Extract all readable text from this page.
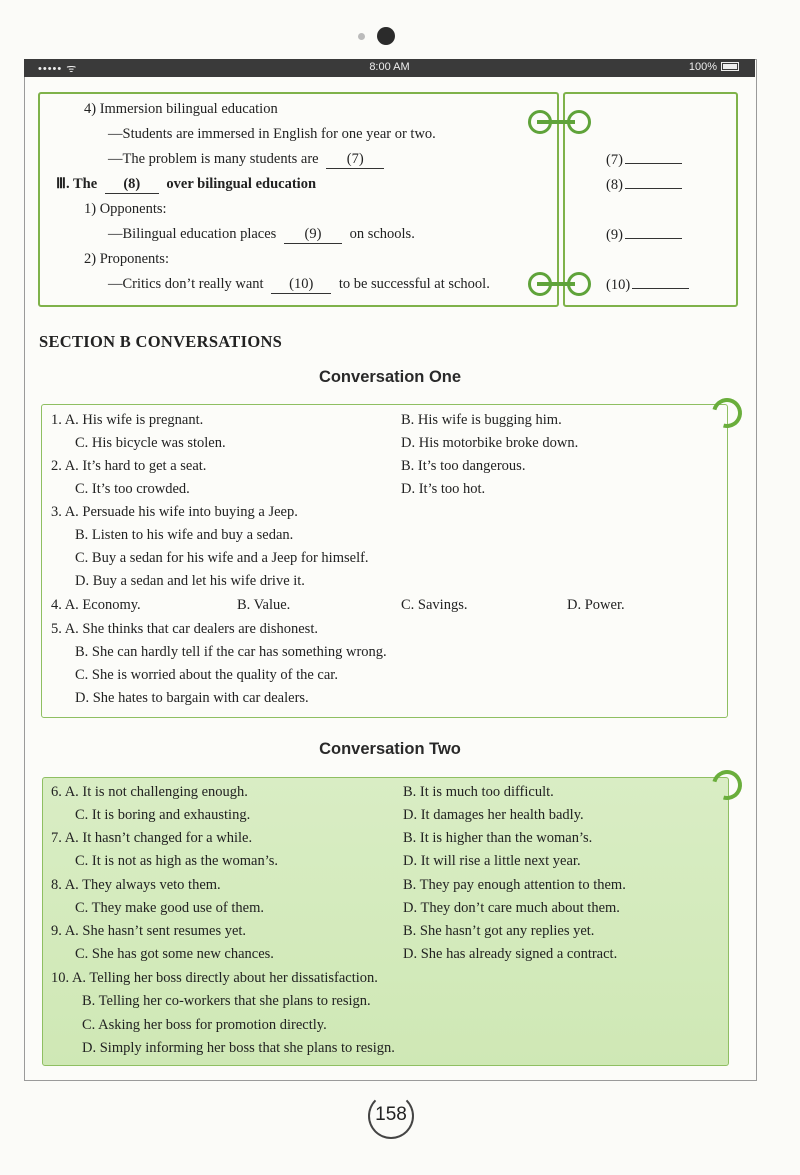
••••• ᯤ	8:00 AM	100%
4) Immersion bilingual education
—Students are immersed in English for one year or two.
—The problem is many students are (7)
Ⅲ. The (8) over bilingual education
1) Opponents:
—Bilingual education places (9) on schools.
2) Proponents:
—Critics don’t really want (10) to be successful at school.
(7)
(8)
(9)
(10)
SECTION B CONVERSATIONS
Conversation One
1. A. His wife is pregnant.	B. His wife is bugging him.
C. His bicycle was stolen.	D. His motorbike broke down.
2. A. It’s hard to get a seat.	B. It’s too dangerous.
C. It’s too crowded.	D. It’s too hot.
3. A. Persuade his wife into buying a Jeep.
B. Listen to his wife and buy a sedan.
C. Buy a sedan for his wife and a Jeep for himself.
D. Buy a sedan and let his wife drive it.
4. A. Economy.	B. Value.	C. Savings.	D. Power.
5. A. She thinks that car dealers are dishonest.
B. She can hardly tell if the car has something wrong.
C. She is worried about the quality of the car.
D. She hates to bargain with car dealers.
Conversation Two
6. A. It is not challenging enough.	B. It is much too difficult.
C. It is boring and exhausting.	D. It damages her health badly.
7. A. It hasn’t changed for a while.	B. It is higher than the woman’s.
C. It is not as high as the woman’s.	D. It will rise a little next year.
8. A. They always veto them.	B. They pay enough attention to them.
C. They make good use of them.	D. They don’t care much about them.
9. A. She hasn’t sent resumes yet.	B. She hasn’t got any replies yet.
C. She has got some new chances.	D. She has already signed a contract.
10. A. Telling her boss directly about her dissatisfaction.
B. Telling her co-workers that she plans to resign.
C. Asking her boss for promotion directly.
D. Simply informing her boss that she plans to resign.
158
